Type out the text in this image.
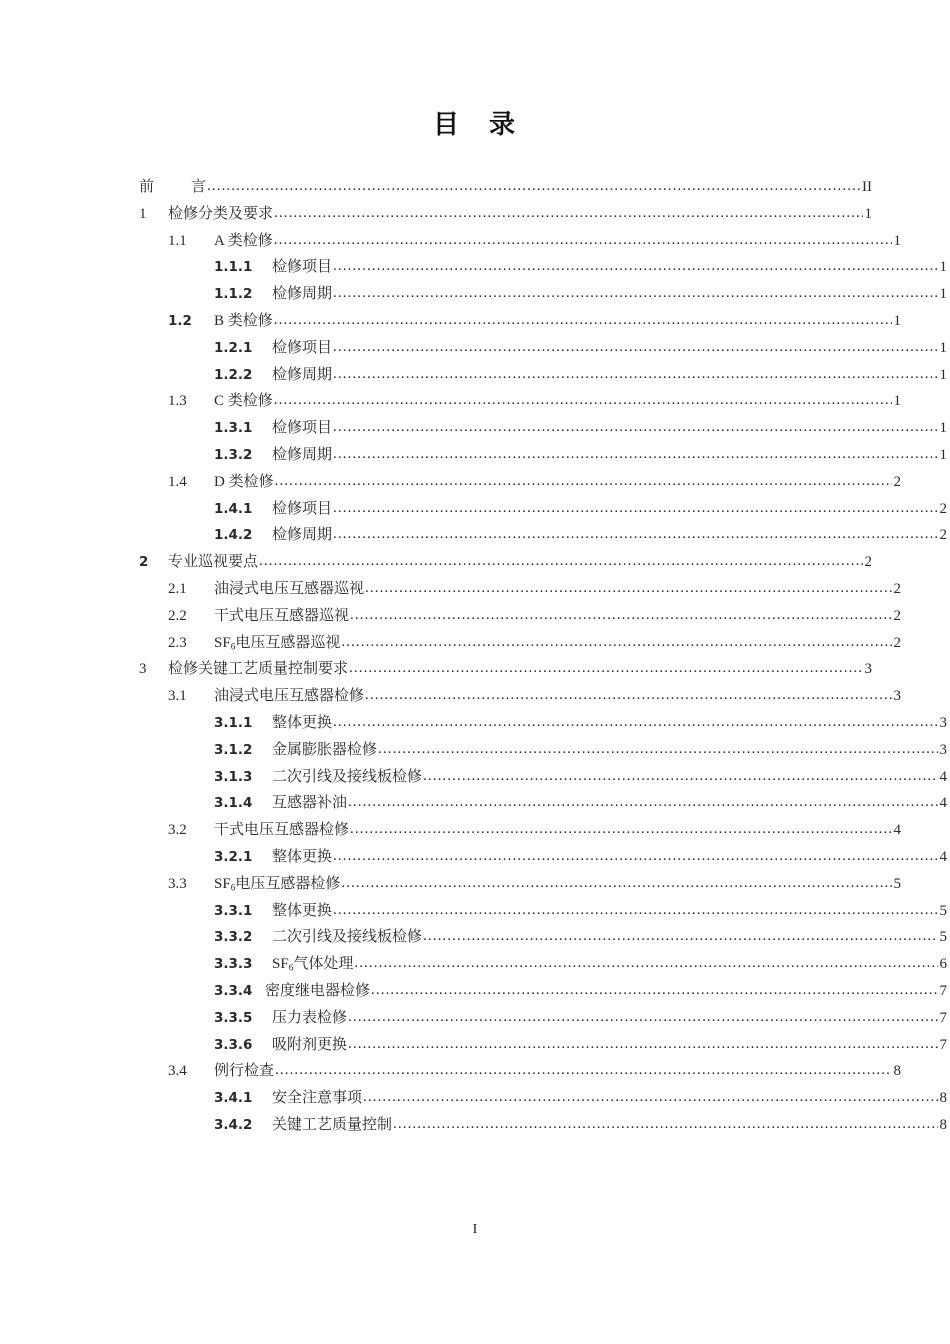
目　录
前	言 .....	II
1	检修分类及要求 .....	1
1.1	A 类检修 .....	1
1.1.1	检修项目 .....	1
1.1.2	检修周期 .....	1
1.2	B 类检修 .....	1
1.2.1	检修项目 .....	1
1.2.2	检修周期 .....	1
1.3	C 类检修 .....	1
1.3.1	检修项目 .....	1
1.3.2	检修周期 .....	1
1.4	D 类检修 .....	2
1.4.1	检修项目 .....	2
1.4.2	检修周期 .....	2
2	专业巡视要点 .....	2
2.1	油浸式电压互感器巡视 .....	2
2.2	干式电压互感器巡视 .....	2
2.3	$SF_6$电压互感器巡视 .....	2
3	检修关键工艺质量控制要求 .....	3
3.1	油浸式电压互感器检修 .....	3
3.1.1	整体更换 .....	3
3.1.2	金属膨胀器检修 .....	3
3.1.3	二次引线及接线板检修 .....	4
3.1.4	互感器补油 .....	4
3.2	干式电压互感器检修 .....	4
3.2.1	整体更换 .....	4
3.3	$SF_6$电压互感器检修 .....	5
3.3.1	整体更换 .....	5
3.3.2	二次引线及接线板检修 .....	5
3.3.3	$SF_6$气体处理 .....	6
3.3.4 密度继电器检修 .....	7
3.3.5	压力表检修 .....	7
3.3.6	吸附剂更换 .....	7
3.4	例行检查 .....	8
3.4.1	安全注意事项 .....	8
3.4.2	关键工艺质量控制 .....	8
I
